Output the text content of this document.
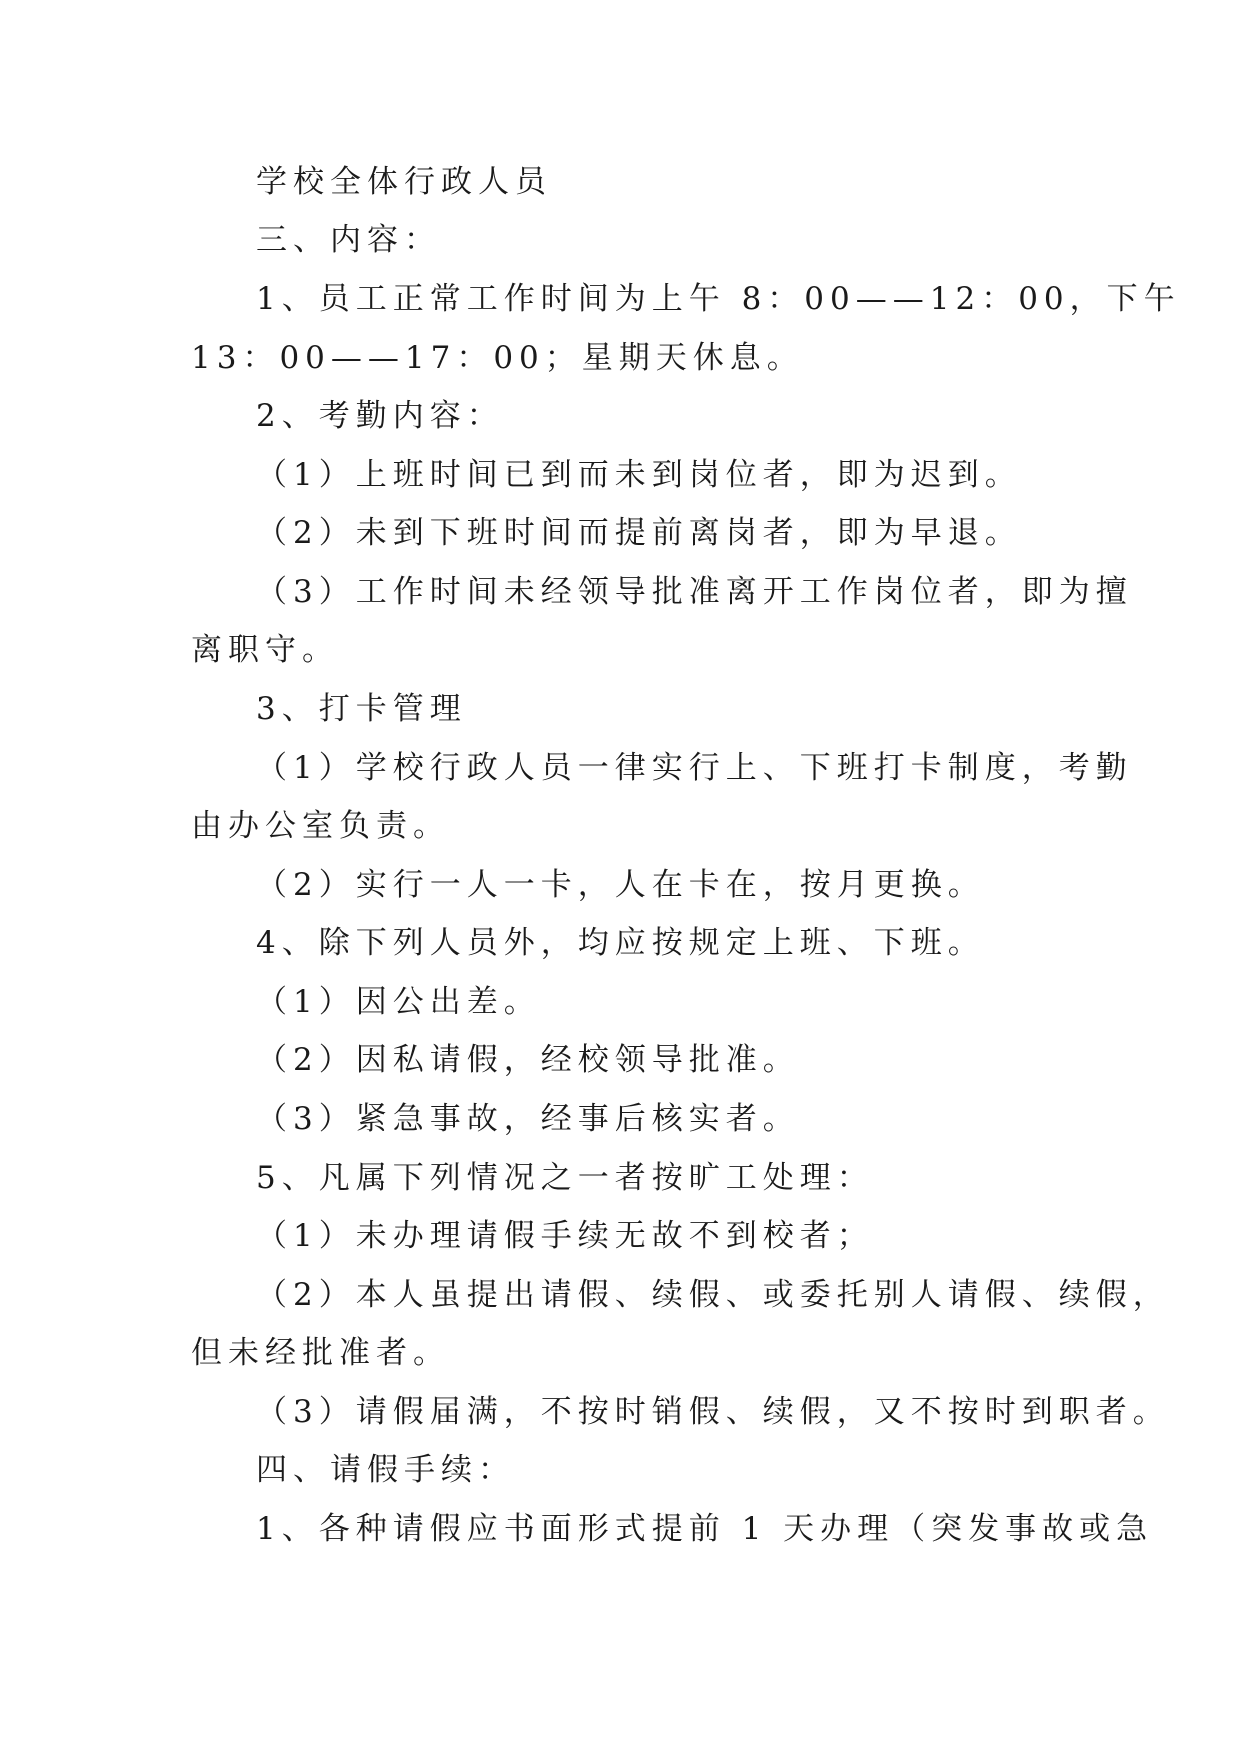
学校全体行政人员
三、内容：
1、员工正常工作时间为上午 8：00——12：00，下午
13：00——17：00；星期天休息。
2、考勤内容：
（1）上班时间已到而未到岗位者，即为迟到。
（2）未到下班时间而提前离岗者，即为早退。
（3）工作时间未经领导批准离开工作岗位者，即为擅
离职守。
3、打卡管理
（1）学校行政人员一律实行上、下班打卡制度，考勤
由办公室负责。
（2）实行一人一卡，人在卡在，按月更换。
4、除下列人员外，均应按规定上班、下班。
（1）因公出差。
（2）因私请假，经校领导批准。
（3）紧急事故，经事后核实者。
5、凡属下列情况之一者按旷工处理：
（1）未办理请假手续无故不到校者；
（2）本人虽提出请假、续假、或委托别人请假、续假，
但未经批准者。
（3）请假届满，不按时销假、续假，又不按时到职者。
四、请假手续：
1、各种请假应书面形式提前 1 天办理（突发事故或急
